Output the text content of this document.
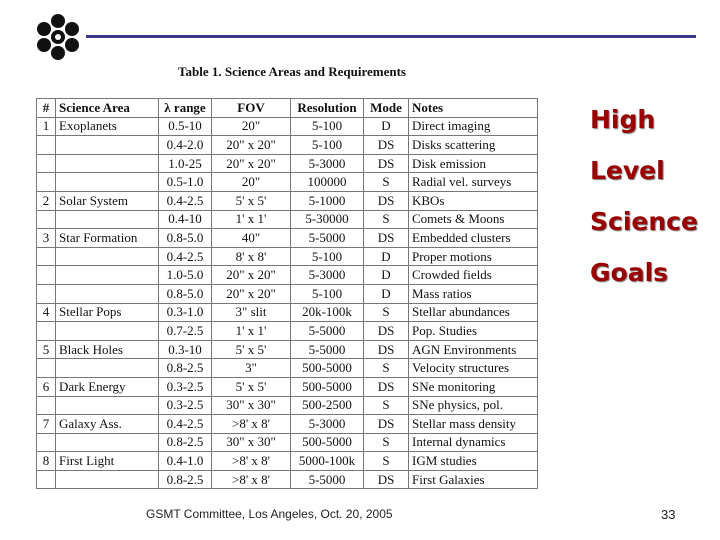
Table 1. Science Areas and Requirements
#	Science Area	λ range	FOV	Resolution	Mode	Notes
1	Exoplanets	0.5-10	20"	5-100	D	Direct imaging
		0.4-2.0	20" x 20"	5-100	DS	Disks scattering
		1.0-25	20" x 20"	5-3000	DS	Disk emission
		0.5-1.0	20"	100000	S	Radial vel. surveys
2	Solar System	0.4-2.5	5' x 5'	5-1000	DS	KBOs
		0.4-10	1' x 1'	5-30000	S	Comets & Moons
3	Star Formation	0.8-5.0	40"	5-5000	DS	Embedded clusters
		0.4-2.5	8' x 8'	5-100	D	Proper motions
		1.0-5.0	20" x 20"	5-3000	D	Crowded fields
		0.8-5.0	20" x 20"	5-100	D	Mass ratios
4	Stellar Pops	0.3-1.0	3" slit	20k-100k	S	Stellar abundances
		0.7-2.5	1' x 1'	5-5000	DS	Pop. Studies
5	Black Holes	0.3-10	5' x 5'	5-5000	DS	AGN Environments
		0.8-2.5	3"	500-5000	S	Velocity structures
6	Dark Energy	0.3-2.5	5' x 5'	500-5000	DS	SNe monitoring
		0.3-2.5	30" x 30"	500-2500	S	SNe physics, pol.
7	Galaxy Ass.	0.4-2.5	>8' x 8'	5-3000	DS	Stellar mass density
		0.8-2.5	30" x 30"	500-5000	S	Internal dynamics
8	First Light	0.4-1.0	>8' x 8'	5000-100k	S	IGM studies
		0.8-2.5	>8' x 8'	5-5000	DS	First Galaxies
High
Level
Science
Goals
GSMT Committee, Los Angeles, Oct. 20, 2005	33
